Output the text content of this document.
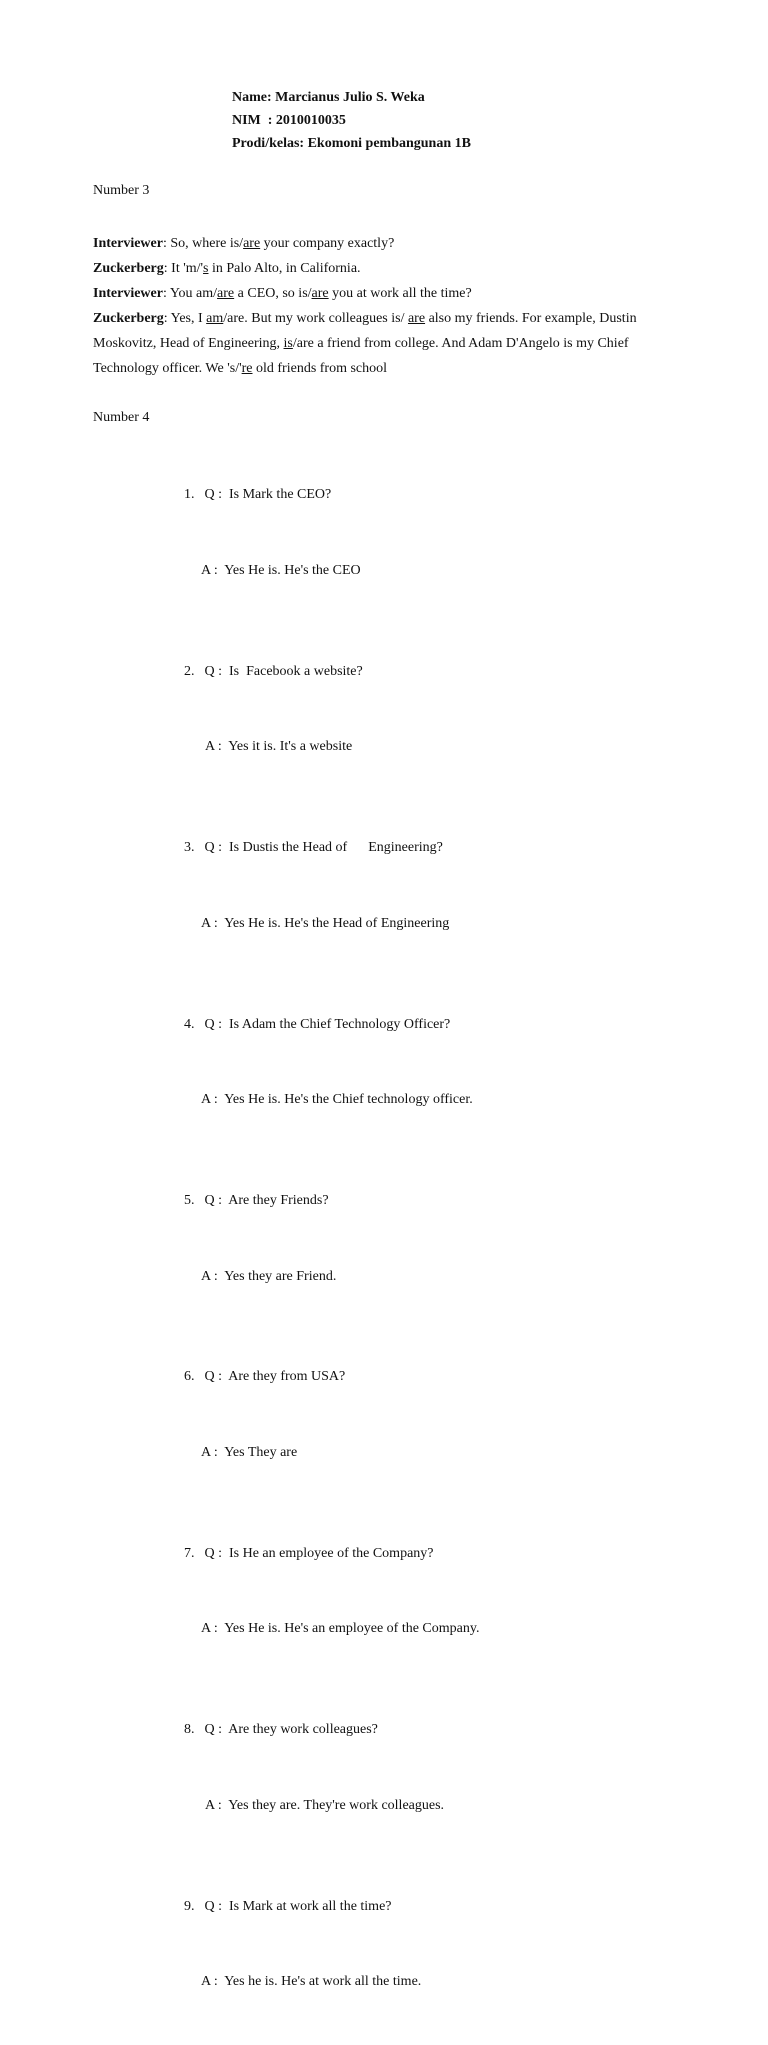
Name: Marcianus Julio S. Weka
NIM  : 2010010035
Prodi/kelas: Ekomoni pembangunan 1B
Number 3
Interviewer: So, where is/are your company exactly?
Zuckerberg: It 'm/'s in Palo Alto, in California.
Interviewer: You am/are a CEO, so is/are you at work all the time?
Zuckerberg: Yes, I am/are. But my work colleagues is/ are also my friends. For example, Dustin Moskovitz, Head of Engineering, is/are a friend from college. And Adam D'Angelo is my Chief Technology officer. We 's/'re old friends from school
Number 4

1. Q :  Is Mark the CEO?

A :  Yes He is. He's the CEO

2. Q :  Is  Facebook a website?

A :  Yes it is. It's a website

3. Q :  Is Dustis the Head of      Engineering?

A :  Yes He is. He's the Head of Engineering

4. Q :  Is Adam the Chief Technology Officer?

A :  Yes He is. He's the Chief technology officer.

5. Q :  Are they Friends?

A :  Yes they are Friend.

6. Q :  Are they from USA?

A :  Yes They are

7. Q :  Is He an employee of the Company?

A :  Yes He is. He's an employee of the Company.

8. Q :  Are they work colleagues?

A :  Yes they are. They're work colleagues.

9. Q :  Is Mark at work all the time?

A :  Yes he is. He's at work all the time.
